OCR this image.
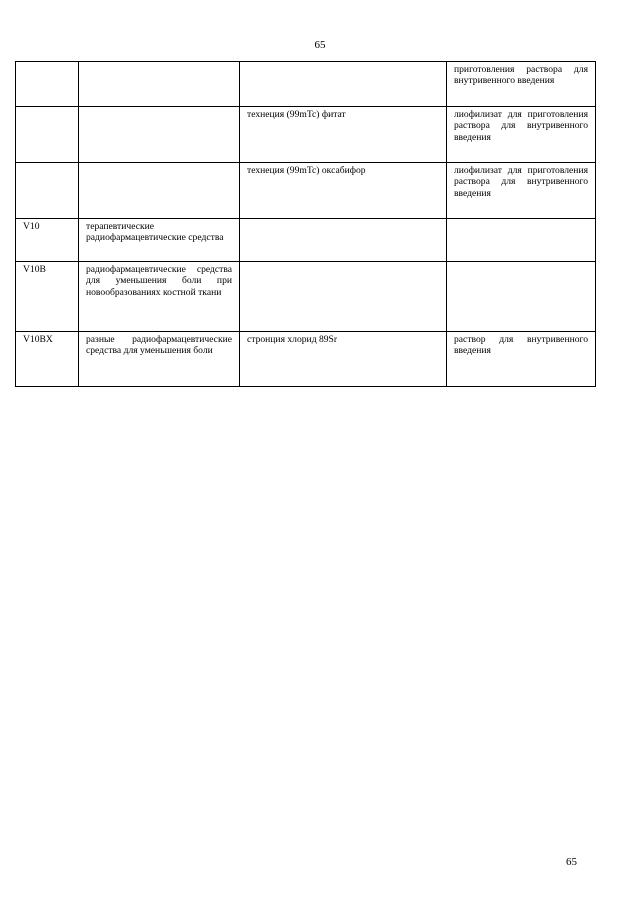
65
			приготовления раствора для внутривенного введения
		технеция (99mTc) фитат	лиофилизат для приготовления раствора для внутривенного введения
		технеция (99mTc) оксабифор	лиофилизат для приготовления раствора для внутривенного введения
V10	терапевтические радиофармацевтические средства		
V10B	радиофармацевтические средства для уменьшения боли при новообразованиях костной ткани		
V10BX	разные радиофармацевтические средства для уменьшения боли	стронция хлорид 89Sr	раствор для внутривенного введения
65
